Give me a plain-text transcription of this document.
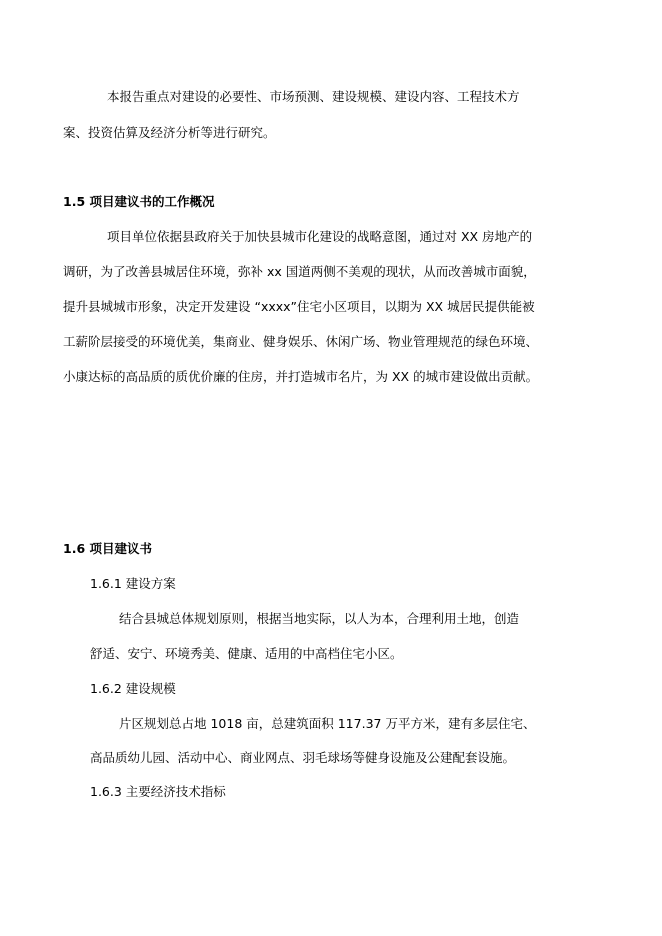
本报告重点对建设的必要性、市场预测、建设规模、建设内容、工程技术方

案、投资估算及经济分析等进行研究。

1.5 项目建议书的工作概况

项目单位依据县政府关于加快县城市化建设的战略意图，通过对 XX 房地产的

调研，为了改善县城居住环境，弥补 xx 国道两侧不美观的现状，从而改善城市面貌，

提升县城城市形象，决定开发建设 “xxxx”住宅小区项目，以期为 XX 城居民提供能被

工薪阶层接受的环境优美，集商业、健身娱乐、休闲广场、物业管理规范的绿色环境、

小康达标的高品质的质优价廉的住房，并打造城市名片，为 XX 的城市建设做出贡献。

1.6 项目建议书

1.6.1 建设方案

结合县城总体规划原则，根据当地实际，以人为本，合理利用土地，创造

舒适、安宁、环境秀美、健康、适用的中高档住宅小区。

1.6.2 建设规模

片区规划总占地 1018 亩，总建筑面积 117.37 万平方米，建有多层住宅、

高品质幼儿园、活动中心、商业网点、羽毛球场等健身设施及公建配套设施。

1.6.3 主要经济技术指标
